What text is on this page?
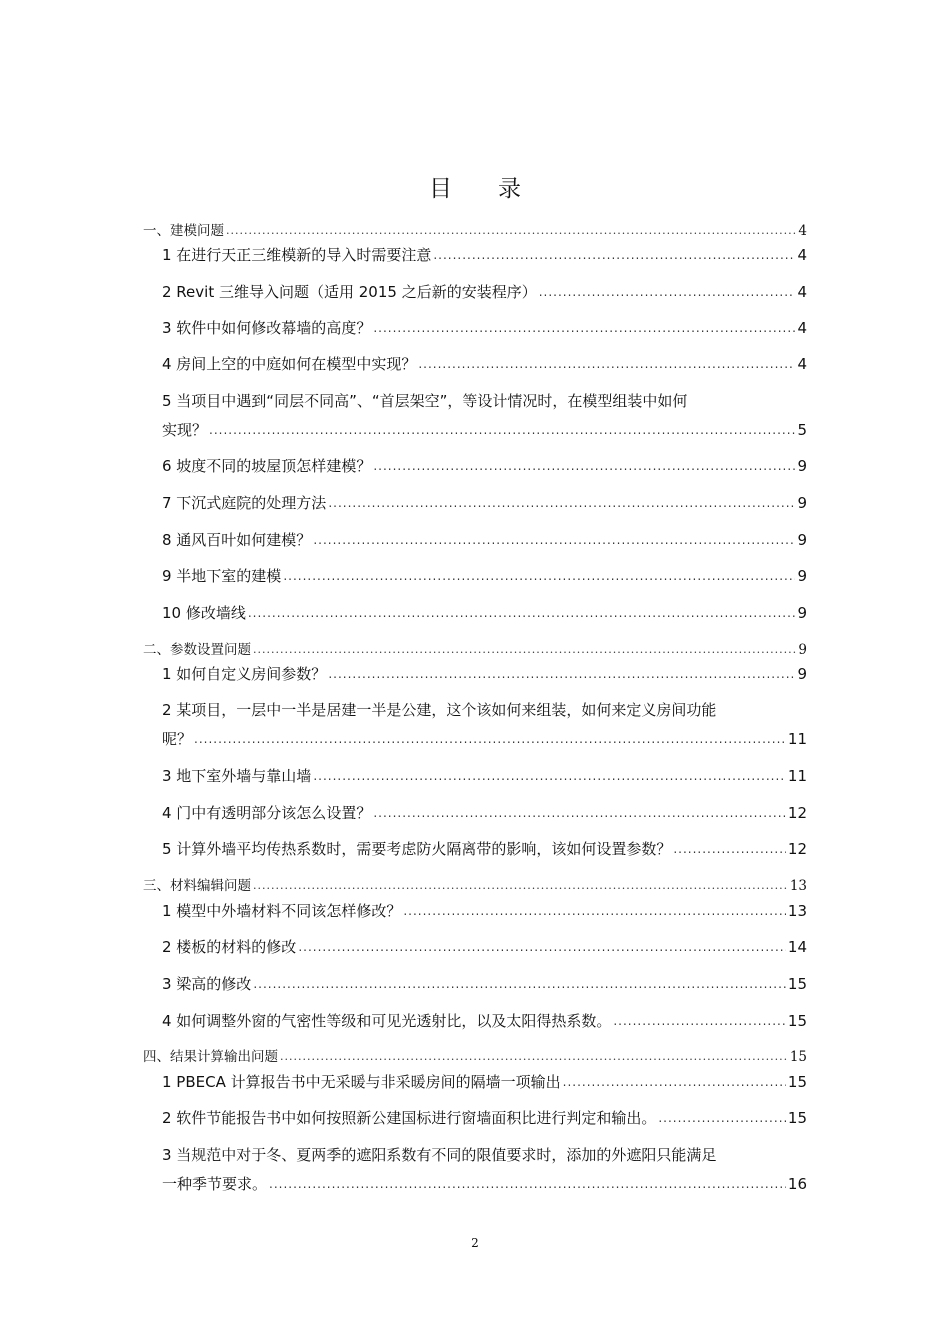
目 录
一、建模问题 .....	4
1 在进行天正三维模新的导入时需要注意 .....	4
2 Revit 三维导入问题（适用 2015 之后新的安装程序） .....	4
3 软件中如何修改幕墙的高度？ .....	4
4 房间上空的中庭如何在模型中实现？ .....	4
5 当项目中遇到“同层不同高”、“首层架空”，等设计情况时，在模型组装中如何
实现？ .....	5
6 坡度不同的坡屋顶怎样建模？ .....	9
7 下沉式庭院的处理方法 .....	9
8 通风百叶如何建模？ .....	9
9 半地下室的建模 .....	9
10 修改墙线 .....	9
二、参数设置问题 .....	9
1 如何自定义房间参数？ .....	9
2 某项目，一层中一半是居建一半是公建，这个该如何来组装，如何来定义房间功能
呢？ .....	11
3 地下室外墙与靠山墙 .....	11
4 门中有透明部分该怎么设置？ .....	12
5 计算外墙平均传热系数时，需要考虑防火隔离带的影响，该如何设置参数？ .....	12
三、材料编辑问题 .....	13
1 模型中外墙材料不同该怎样修改？ .....	13
2 楼板的材料的修改 .....	14
3 梁高的修改 .....	15
4 如何调整外窗的气密性等级和可见光透射比，以及太阳得热系数。 .....	15
四、结果计算输出问题 .....	15
1 PBECA 计算报告书中无采暖与非采暖房间的隔墙一项输出 .....	15
2 软件节能报告书中如何按照新公建国标进行窗墙面积比进行判定和输出。 .....	15
3 当规范中对于冬、夏两季的遮阳系数有不同的限值要求时，添加的外遮阳只能满足
一种季节要求。 .....	16
2
